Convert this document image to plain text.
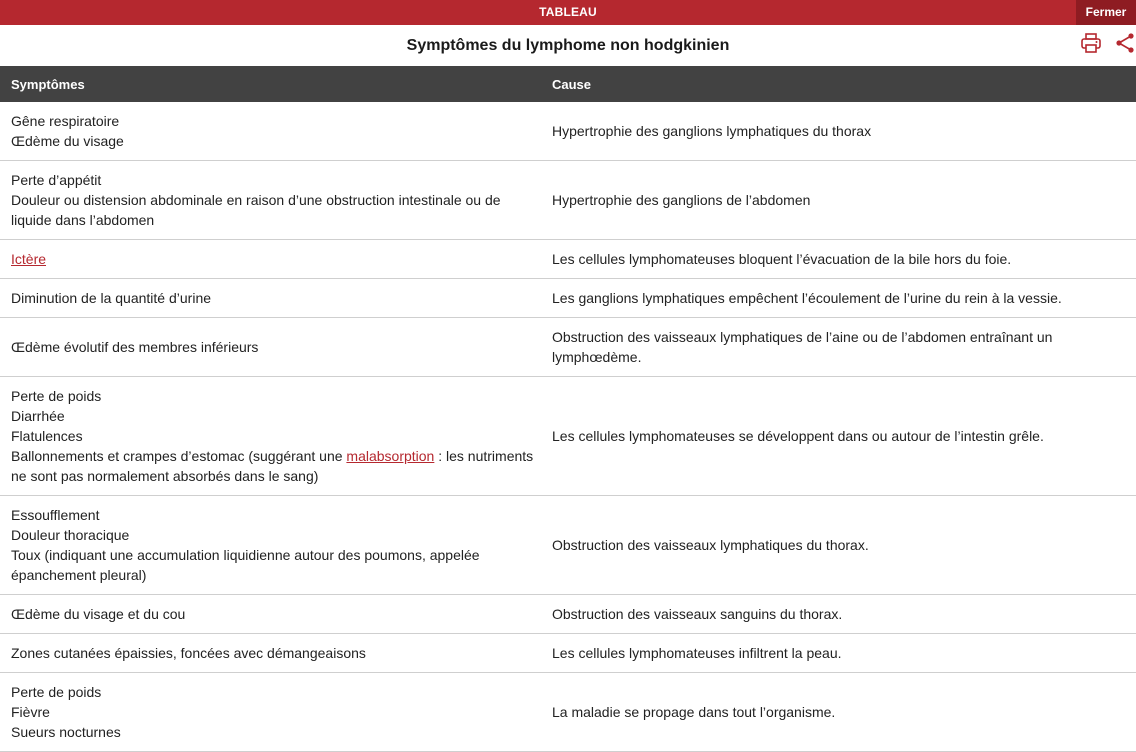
TABLEAU	Fermer
Symptômes du lymphome non hodgkinien
Symptômes	Cause

Gêne respiratoire
Œdème du visage	Hypertrophie des ganglions lymphatiques du thorax

Perte d’appétit
Douleur ou distension abdominale en raison d’une obstruction intestinale ou de liquide dans l’abdomen	Hypertrophie des ganglions de l’abdomen

Ictère	Les cellules lymphomateuses bloquent l’évacuation de la bile hors du foie.

Diminution de la quantité d’urine	Les ganglions lymphatiques empêchent l’écoulement de l’urine du rein à la vessie.

Œdème évolutif des membres inférieurs	Obstruction des vaisseaux lymphatiques de l’aine ou de l’abdomen entraînant un lymphœdème.

Perte de poids
Diarrhée
Flatulences
Ballonnements et crampes d’estomac (suggérant une malabsorption : les nutriments ne sont pas normalement absorbés dans le sang)	Les cellules lymphomateuses se développent dans ou autour de l’intestin grêle.

Essoufflement
Douleur thoracique
Toux (indiquant une accumulation liquidienne autour des poumons, appelée épanchement pleural)	Obstruction des vaisseaux lymphatiques du thorax.

Œdème du visage et du cou	Obstruction des vaisseaux sanguins du thorax.

Zones cutanées épaissies, foncées avec démangeaisons	Les cellules lymphomateuses infiltrent la peau.

Perte de poids
Fièvre
Sueurs nocturnes	La maladie se propage dans tout l’organisme.
